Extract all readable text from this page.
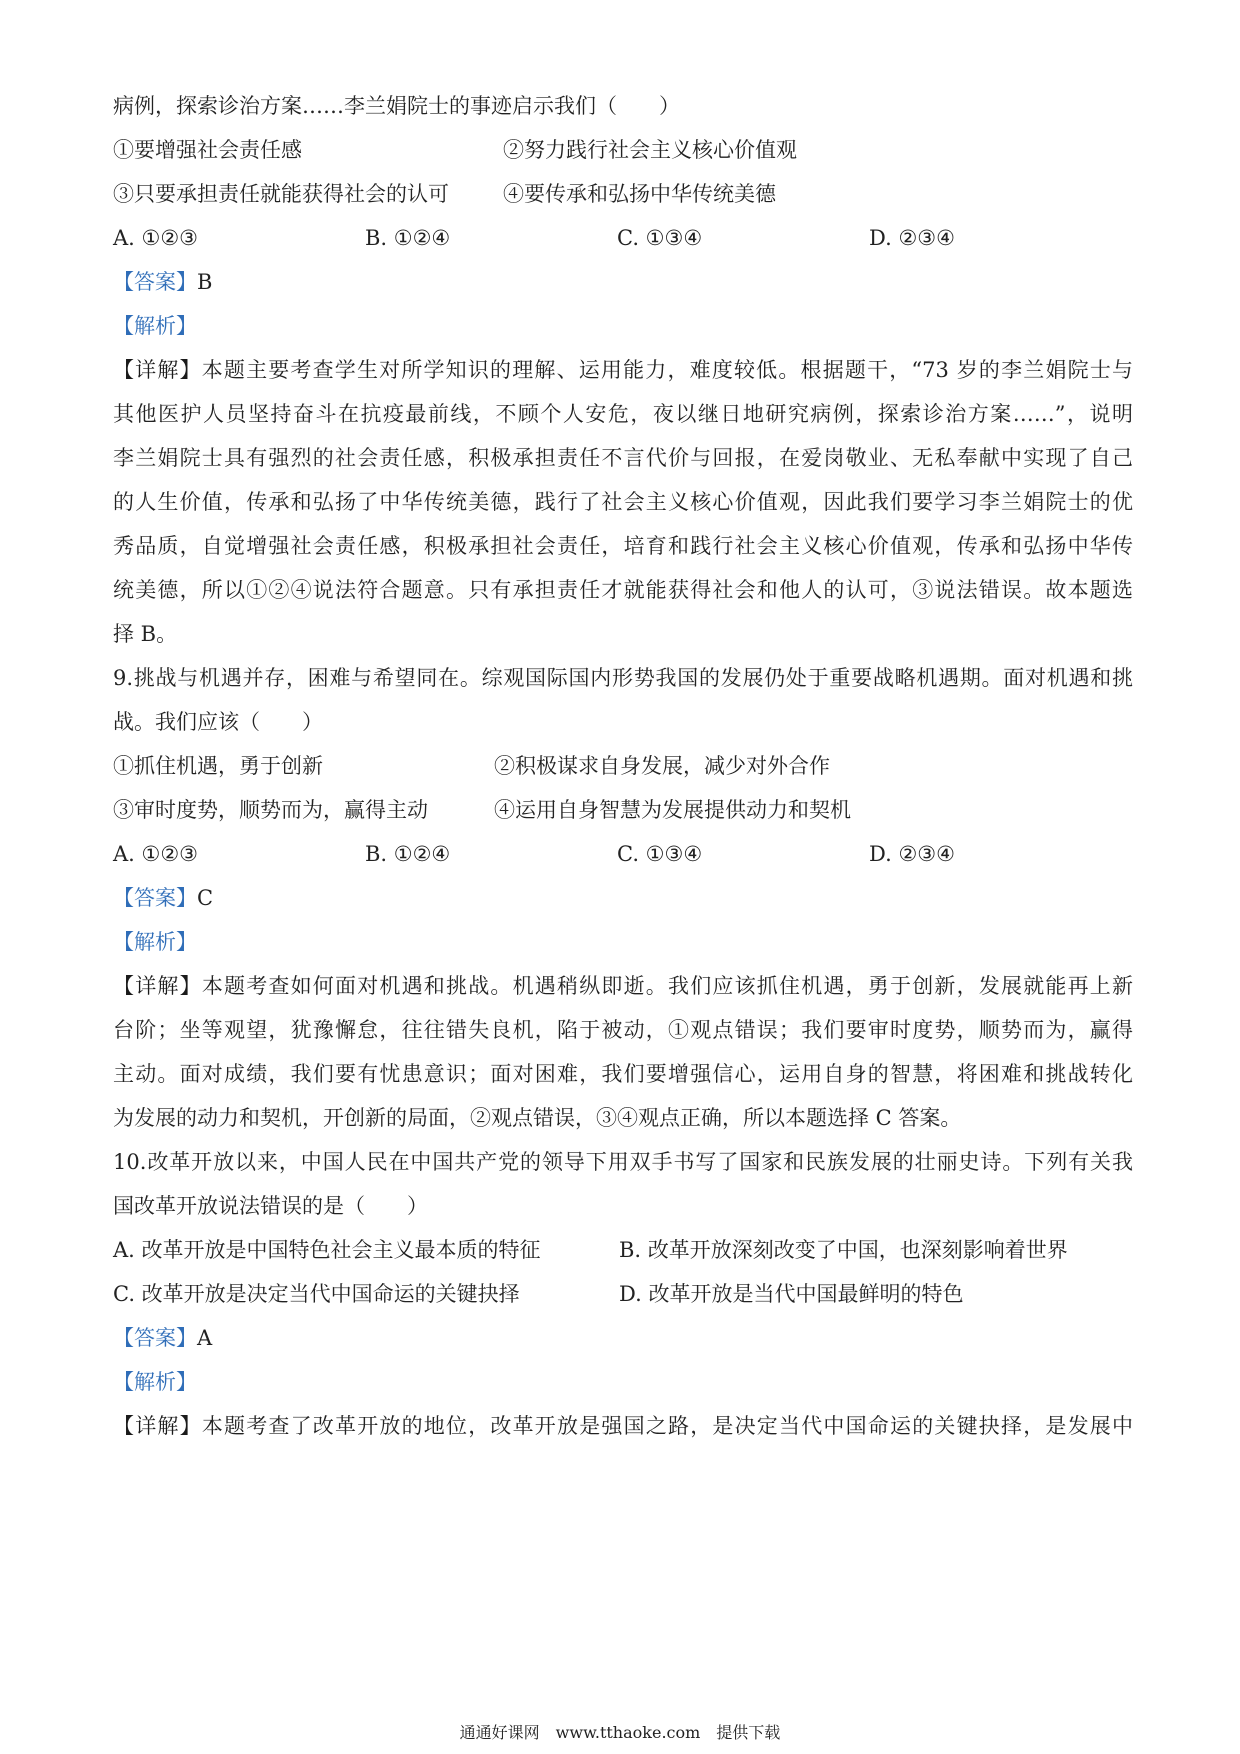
病例，探索诊治方案……李兰娟院士的事迹启示我们（　　）
①要增强社会责任感	②努力践行社会主义核心价值观
③只要承担责任就能获得社会的认可	④要传承和弘扬中华传统美德
A. ①②③	B. ①②④	C. ①③④	D. ②③④
【答案】B
【解析】
【详解】本题主要考查学生对所学知识的理解、运用能力，难度较低。根据题干，“73 岁的李兰娟院士与
其他医护人员坚持奋斗在抗疫最前线，不顾个人安危，夜以继日地研究病例，探索诊治方案……”，说明
李兰娟院士具有强烈的社会责任感，积极承担责任不言代价与回报，在爱岗敬业、无私奉献中实现了自己
的人生价值，传承和弘扬了中华传统美德，践行了社会主义核心价值观，因此我们要学习李兰娟院士的优
秀品质，自觉增强社会责任感，积极承担社会责任，培育和践行社会主义核心价值观，传承和弘扬中华传
统美德，所以①②④说法符合题意。只有承担责任才就能获得社会和他人的认可，③说法错误。故本题选
择 B。
9.挑战与机遇并存，困难与希望同在。综观国际国内形势我国的发展仍处于重要战略机遇期。面对机遇和挑
战。我们应该（　　）
①抓住机遇，勇于创新	②积极谋求自身发展，减少对外合作
③审时度势，顺势而为，赢得主动	④运用自身智慧为发展提供动力和契机
A. ①②③	B. ①②④	C. ①③④	D. ②③④
【答案】C
【解析】
【详解】本题考查如何面对机遇和挑战。机遇稍纵即逝。我们应该抓住机遇，勇于创新，发展就能再上新
台阶；坐等观望，犹豫懈怠，往往错失良机，陷于被动，①观点错误；我们要审时度势，顺势而为，赢得
主动。面对成绩，我们要有忧患意识；面对困难，我们要增强信心，运用自身的智慧，将困难和挑战转化
为发展的动力和契机，开创新的局面，②观点错误，③④观点正确，所以本题选择 C 答案。
10.改革开放以来，中国人民在中国共产党的领导下用双手书写了国家和民族发展的壮丽史诗。下列有关我
国改革开放说法错误的是（　　）
A. 改革开放是中国特色社会主义最本质的特征	B. 改革开放深刻改变了中国，也深刻影响着世界
C. 改革开放是决定当代中国命运的关键抉择	D. 改革开放是当代中国最鲜明的特色
【答案】A
【解析】
【详解】本题考查了改革开放的地位，改革开放是强国之路，是决定当代中国命运的关键抉择，是发展中
通通好课网　www.tthaoke.com　提供下载
